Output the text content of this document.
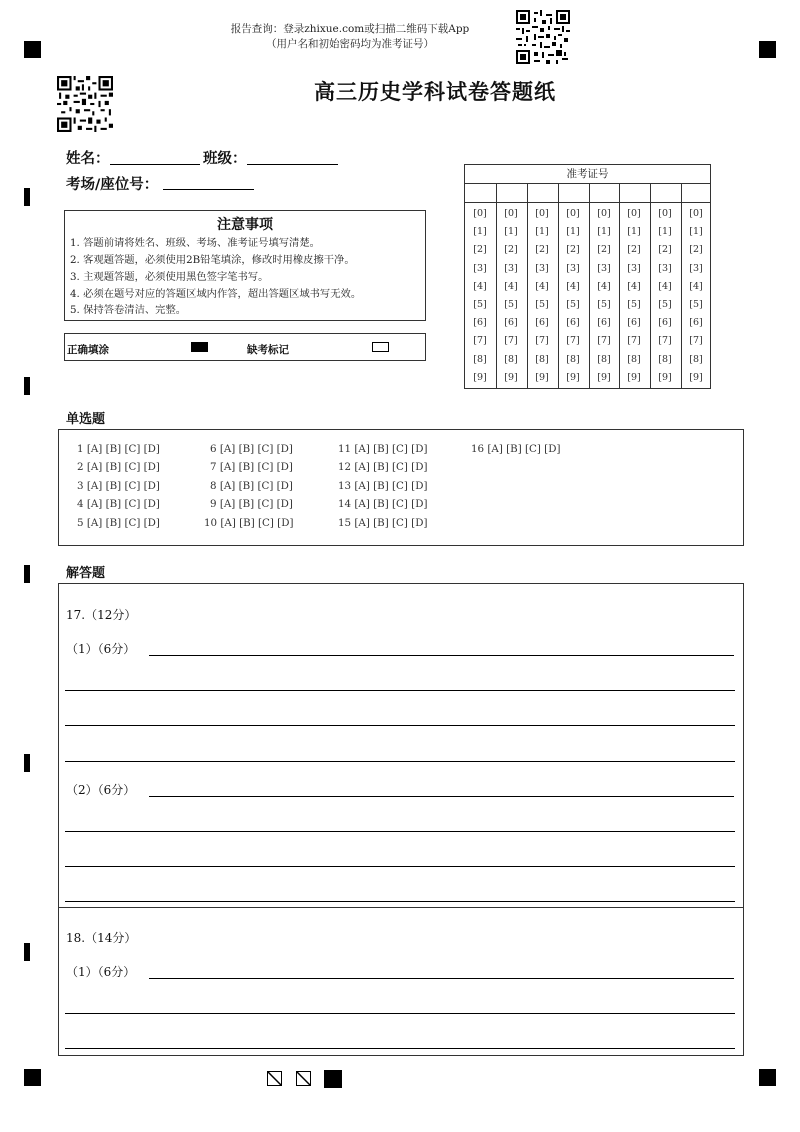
报告查询：登录zhixue.com或扫描二维码下载App
（用户名和初始密码均为准考证号）
高三历史学科试卷答题纸
姓名：	班级：
考场/座位号：
注意事项
1. 答题前请将姓名、班级、考场、准考证号填写清楚。
2. 客观题答题，必须使用2B铅笔填涂，修改时用橡皮擦干净。
3. 主观题答题，必须使用黑色签字笔书写。
4. 必须在题号对应的答题区域内作答，超出答题区域书写无效。
5. 保持答卷清洁、完整。
正确填涂	缺考标记
准考证号
[0]
[1]
[2]
[3]
[4]
[5]
[6]
[7]
[8]
[9]
[0]
[1]
[2]
[3]
[4]
[5]
[6]
[7]
[8]
[9]
[0]
[1]
[2]
[3]
[4]
[5]
[6]
[7]
[8]
[9]
[0]
[1]
[2]
[3]
[4]
[5]
[6]
[7]
[8]
[9]
[0]
[1]
[2]
[3]
[4]
[5]
[6]
[7]
[8]
[9]
[0]
[1]
[2]
[3]
[4]
[5]
[6]
[7]
[8]
[9]
[0]
[1]
[2]
[3]
[4]
[5]
[6]
[7]
[8]
[9]
[0]
[1]
[2]
[3]
[4]
[5]
[6]
[7]
[8]
[9]
单选题
1 [A] [B] [C] [D]
2 [A] [B] [C] [D]
3 [A] [B] [C] [D]
4 [A] [B] [C] [D]
5 [A] [B] [C] [D]
6 [A] [B] [C] [D]
7 [A] [B] [C] [D]
8 [A] [B] [C] [D]
9 [A] [B] [C] [D]
10 [A] [B] [C] [D]
11 [A] [B] [C] [D]
12 [A] [B] [C] [D]
13 [A] [B] [C] [D]
14 [A] [B] [C] [D]
15 [A] [B] [C] [D]
16 [A] [B] [C] [D]
解答题
17.（12分）
（1）（6分）
（2）（6分）
18.（14分）
（1）（6分）
